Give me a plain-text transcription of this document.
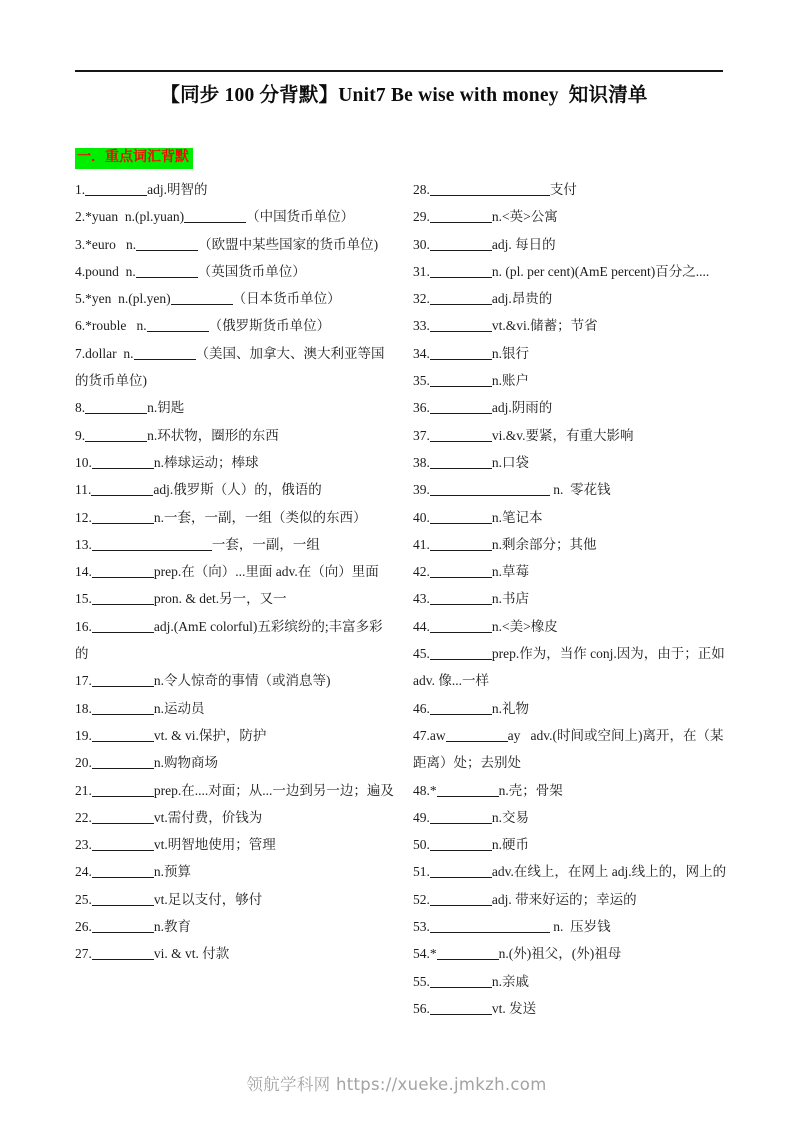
【同步 100 分背默】Unit7 Be wise with money  知识清单
一．重点词汇背默
1.	adj.明智的
2.*yuan  n.(pl.yuan)	（中国货币单位）
3.*euro   n.	（欧盟中某些国家的货币单位)
4.pound  n.	（英国货币单位）
5.*yen  n.(pl.yen)	（日本货币单位）
6.*rouble   n.	（俄罗斯货币单位）
7.dollar  n.	（美国、加拿大、澳大利亚等国的货币单位)
8.	n.钥匙
9.	n.环状物，圈形的东西
10.	n.棒球运动；棒球
11.	adj.俄罗斯（人）的，俄语的
12.	n.一套，一副，一组（类似的东西）
13.	一套，一副，一组
14.	prep.在（向）...里面 adv.在（向）里面
15.	pron. & det.另一，又一
16.	adj.(AmE colorful)五彩缤纷的;丰富多彩的
17.	n.令人惊奇的事情（或消息等)
18.	n.运动员
19.	vt. & vi.保护，防护
20.	n.购物商场
21.	prep.在....对面；从...一边到另一边；遍及
22.	vt.需付费，价钱为
23.	vt.明智地使用；管理
24.	n.预算
25.	vt.足以支付，够付
26.	n.教育
27.	vi. & vt. 付款
28.	支付
29.	n.<英>公寓
30.	adj. 每日的
31.	n. (pl. per cent)(AmE percent)百分之....
32.	adj.昂贵的
33.	vt.&vi.储蓄；节省
34.	n.银行
35.	n.账户
36.	adj.阴雨的
37.	vi.&v.要紧，有重大影响
38.	n.口袋
39.	n.  零花钱
40.	n.笔记本
41.	n.剩余部分；其他
42.	n.草莓
43.	n.书店
44.	n.<美>橡皮
45.	prep.作为，当作 conj.因为，由于；正如 adv. 像...一样
46.	n.礼物
47.aw	ay   adv.(时间或空间上)离开，在（某距离）处；去别处
48.*	n.壳；骨架
49.	n.交易
50.	n.硬币
51.	adv.在线上，在网上 adj.线上的，网上的
52.	adj. 带来好运的；幸运的
53.	n.  压岁钱
54.*	n.(外)祖父，(外)祖母
55.	n.亲戚
56.	vt. 发送
领航学科网 https://xueke.jmkzh.com
